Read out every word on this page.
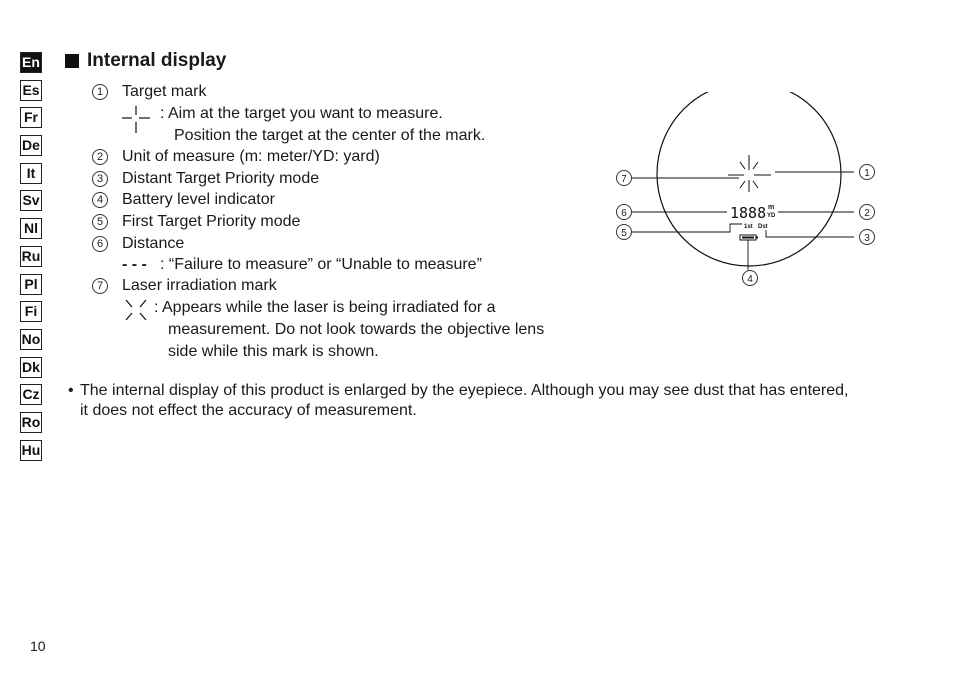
En
Es
Fr
De
It
Sv
Nl
Ru
Pl
Fi
No
Dk
Cz
Ro
Hu
Internal display
1	Target mark
: Aim at the target you want to measure.
Position the target at the center of the mark.
2	Unit of measure (m: meter/YD: yard)
3	Distant Target Priority mode
4	Battery level indicator
5	First Target Priority mode
6	Distance
- - - : “Failure to measure” or “Unable to measure”
7	Laser irradiation mark
: Appears while the laser is being irradiated for a
measurement. Do not look towards the objective lens
side while this mark is shown.
• The internal display of this product is enlarged by the eyepiece. Although you may see dust that has entered, it does not effect the accuracy of measurement.
1888 m
YD
1st Dst
7
1
6	2
5	3
4
10
